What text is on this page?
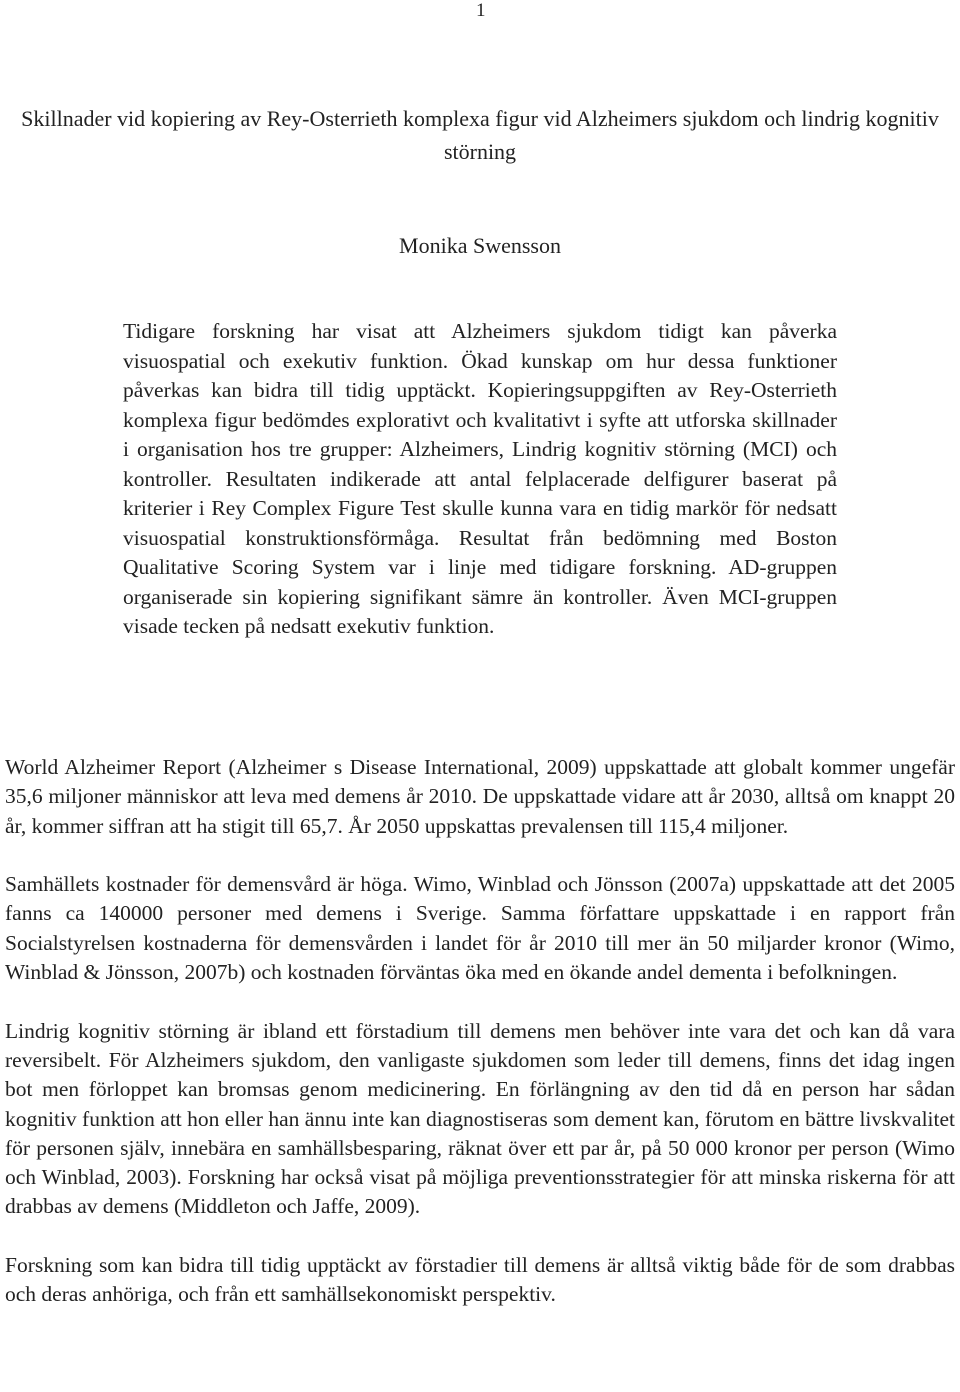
1
Skillnader vid kopiering av Rey-Osterrieth komplexa figur vid Alzheimers sjukdom och lindrig kognitiv störning
Monika Swensson

Tidigare forskning har visat att Alzheimers sjukdom tidigt kan påverka visuospatial och exekutiv funktion. Ökad kunskap om hur dessa funktioner påverkas kan bidra till tidig upptäckt. Kopieringsuppgiften av Rey-Osterrieth komplexa figur bedömdes explorativt och kvalitativt i syfte att utforska skillnader i organisation hos tre grupper: Alzheimers, Lindrig kognitiv störning (MCI) och kontroller. Resultaten indikerade att antal felplacerade delfigurer baserat på kriterier i Rey Complex Figure Test skulle kunna vara en tidig markör för nedsatt visuospatial konstruktionsförmåga. Resultat från bedömning med Boston Qualitative Scoring System var i linje med tidigare forskning. AD-gruppen organiserade sin kopiering signifikant sämre än kontroller. Även MCI-gruppen visade tecken på nedsatt exekutiv funktion.

World Alzheimer Report (Alzheimer s Disease International, 2009) uppskattade att globalt kommer ungefär 35,6 miljoner människor att leva med demens år 2010. De uppskattade vidare att år 2030, alltså om knappt 20 år, kommer siffran att ha stigit till 65,7. År 2050 uppskattas prevalensen till 115,4 miljoner.

Samhällets kostnader för demensvård är höga. Wimo, Winblad och Jönsson (2007a) uppskattade att det 2005 fanns ca 140000 personer med demens i Sverige. Samma författare uppskattade i en rapport från Socialstyrelsen kostnaderna för demensvården i landet för år 2010 till mer än 50 miljarder kronor (Wimo, Winblad & Jönsson, 2007b) och kostnaden förväntas öka med en ökande andel dementa i befolkningen.

Lindrig kognitiv störning är ibland ett förstadium till demens men behöver inte vara det och kan då vara reversibelt. För Alzheimers sjukdom, den vanligaste sjukdomen som leder till demens, finns det idag ingen bot men förloppet kan bromsas genom medicinering. En förlängning av den tid då en person har sådan kognitiv funktion att hon eller han ännu inte kan diagnostiseras som dement kan, förutom en bättre livskvalitet för personen själv, innebära en samhällsbesparing, räknat över ett par år, på 50 000 kronor per person (Wimo och Winblad, 2003). Forskning har också visat på möjliga preventionsstrategier för att minska riskerna för att drabbas av demens (Middleton och Jaffe, 2009).

Forskning som kan bidra till tidig upptäckt av förstadier till demens är alltså viktig både för de som drabbas och deras anhöriga, och från ett samhällsekonomiskt perspektiv.
